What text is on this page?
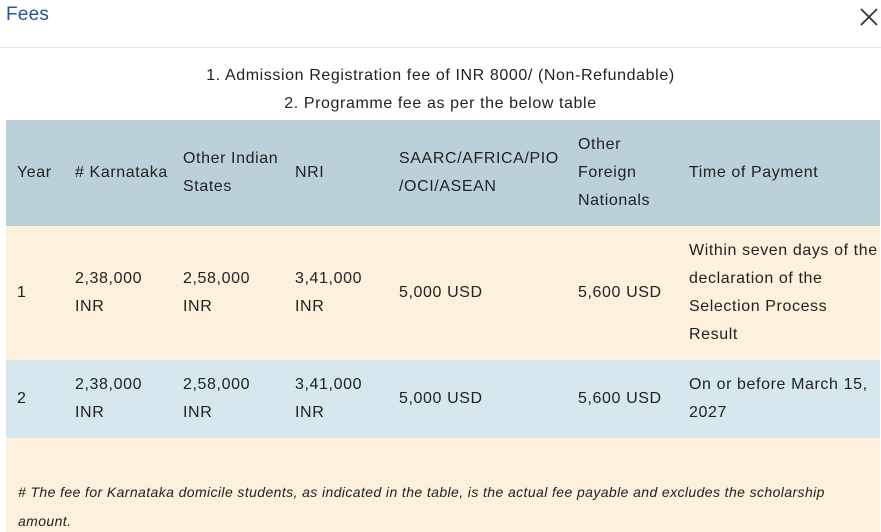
Fees
1. Admission Registration fee of INR 8000/ (Non-Refundable)
2. Programme fee as per the below table
Year	# Karnataka	Other Indian States	NRI	SAARC/AFRICA/PIO /OCI/ASEAN	Other Foreign Nationals	Time of Payment
1	2,38,000 INR	2,58,000 INR	3,41,000 INR	5,000 USD	5,600 USD	Within seven days of the declaration of the Selection Process Result
2	2,38,000 INR	2,58,000 INR	3,41,000 INR	5,000 USD	5,600 USD	On or before March 15, 2027

# The fee for Karnataka domicile students, as indicated in the table, is the actual fee payable and excludes the scholarship amount.
